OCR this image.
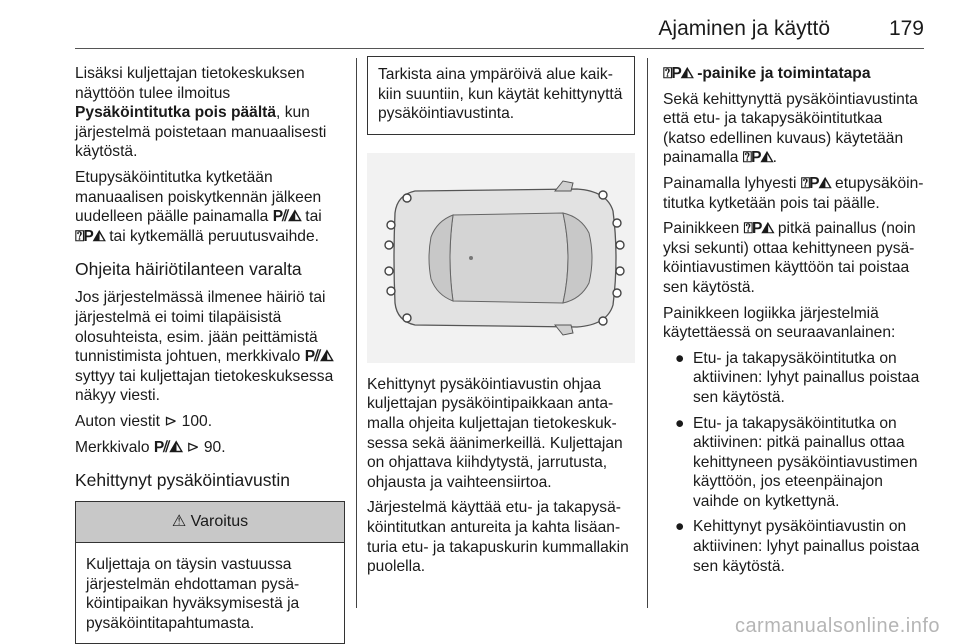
Ajaminen ja käyttö	179

Lisäksi kuljettajan tietokeskuksen näyttöön tulee ilmoitus Pysäköintitutka pois päältä, kun järjestelmä poistetaan manuaalisesti käytöstä.

Etupysäköintitutka kytketään manuaalisen poiskytkennän jälkeen uudelleen päälle painamalla P⫽◭ tai ⍰P◭ tai kytkemällä peruutusvaihde.

Ohjeita häiriötilanteen varalta

Jos järjestelmässä ilmenee häiriö tai järjestelmä ei toimi tilapäisistä olosuhteista, esim. jään peittämistä tunnistimista johtuen, merkkivalo P⫽◭ syttyy tai kuljettajan tietokeskuksessa näkyy viesti.

Auton viestit ⊳ 100.

Merkkivalo P⫽◭ ⊳ 90.

Kehittynyt pysäköintiavustin
⚠ Varoitus
Kuljettaja on täysin vastuussa järjestelmän ehdottaman pysäköintipaikan hyväksymisestä ja pysäköintitapahtumasta.
Tarkista aina ympäröivä alue kaikkiin suuntiin, kun käytät kehittynyttä pysäköintiavustinta.

Kehittynyt pysäköintiavustin ohjaa kuljettajan pysäköintipaikkaan antamalla ohjeita kuljettajan tietokeskuksessa sekä äänimerkeillä. Kuljettajan on ohjattava kiihdytystä, jarrutusta, ohjausta ja vaihteensiirtoa.

Järjestelmä käyttää etu- ja takapysäköintitutkan antureita ja kahta lisäanturia etu- ja takapuskurin kummallakin puolella.

⍰P◭ -painike ja toimintatapa

Sekä kehittynyttä pysäköintiavustinta että etu- ja takapysäköintitutkaa (katso edellinen kuvaus) käytetään painamalla ⍰P◭.

Painamalla lyhyesti ⍰P◭ etupysäköintitutka kytketään pois tai päälle.

Painikkeen ⍰P◭ pitkä painallus (noin yksi sekunti) ottaa kehittyneen pysäköintiavustimen käyttöön tai poistaa sen käytöstä.

Painikkeen logiikka järjestelmiä käytettäessä on seuraavanlainen:

● Etu- ja takapysäköintitutka on aktiivinen: lyhyt painallus poistaa sen käytöstä.
● Etu- ja takapysäköintitutka on aktiivinen: pitkä painallus ottaa kehittyneen pysäköintiavustimen käyttöön, jos eteenpäinajon vaihde on kytkettynä.
● Kehittynyt pysäköintiavustin on aktiivinen: lyhyt painallus poistaa sen käytöstä.
carmanualsonline.info
